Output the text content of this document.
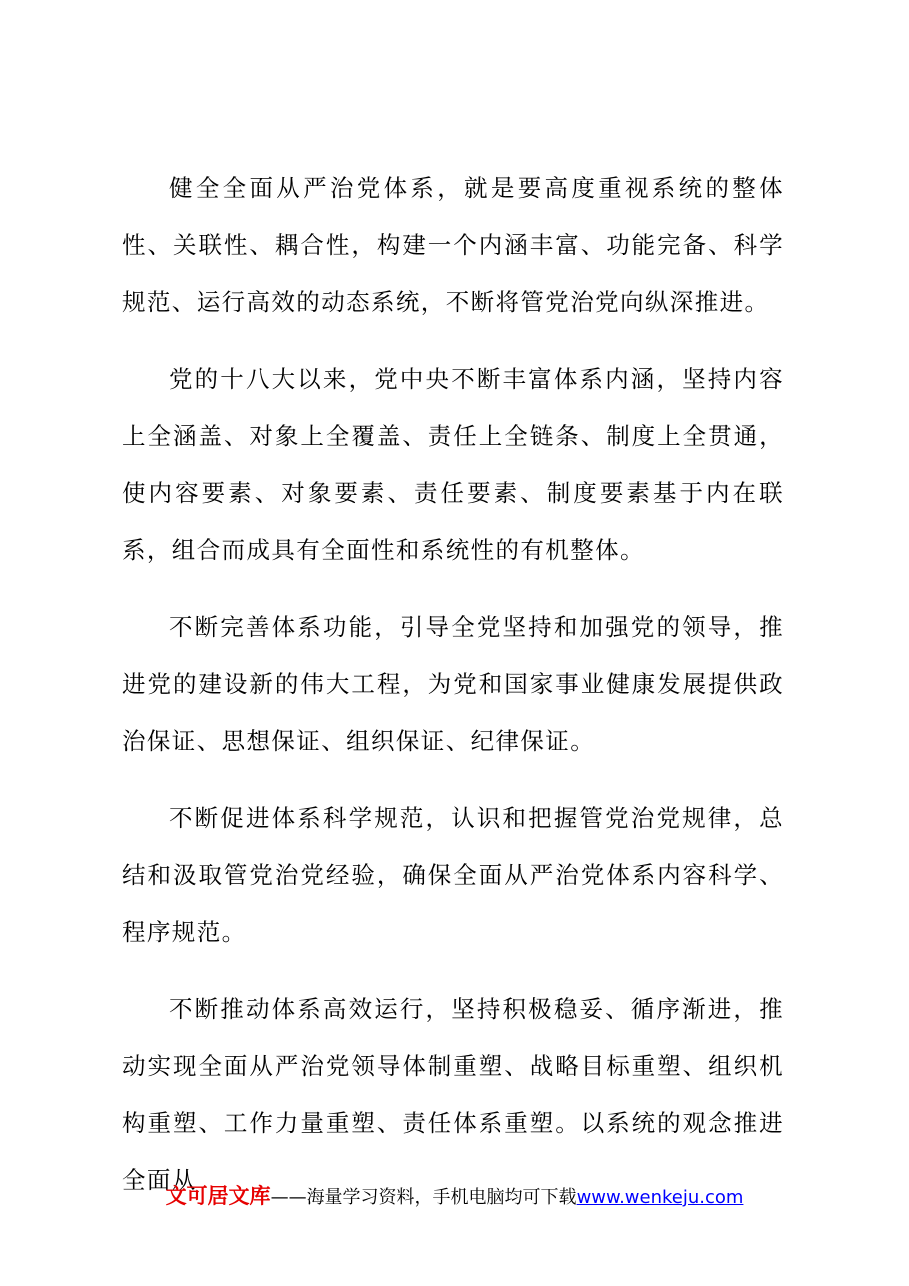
健全全面从严治党体系，就是要高度重视系统的整体性、关联性、耦合性，构建一个内涵丰富、功能完备、科学规范、运行高效的动态系统，不断将管党治党向纵深推进。

党的十八大以来，党中央不断丰富体系内涵，坚持内容上全涵盖、对象上全覆盖、责任上全链条、制度上全贯通，使内容要素、对象要素、责任要素、制度要素基于内在联系，组合而成具有全面性和系统性的有机整体。

不断完善体系功能，引导全党坚持和加强党的领导，推进党的建设新的伟大工程，为党和国家事业健康发展提供政治保证、思想保证、组织保证、纪律保证。

不断促进体系科学规范，认识和把握管党治党规律，总结和汲取管党治党经验，确保全面从严治党体系内容科学、程序规范。

不断推动体系高效运行，坚持积极稳妥、循序渐进，推动实现全面从严治党领导体制重塑、战略目标重塑、组织机构重塑、工作力量重塑、责任体系重塑。以系统的观念推进全面从

文可居文库——海量学习资料，手机电脑均可下载www.wenkeju.com
